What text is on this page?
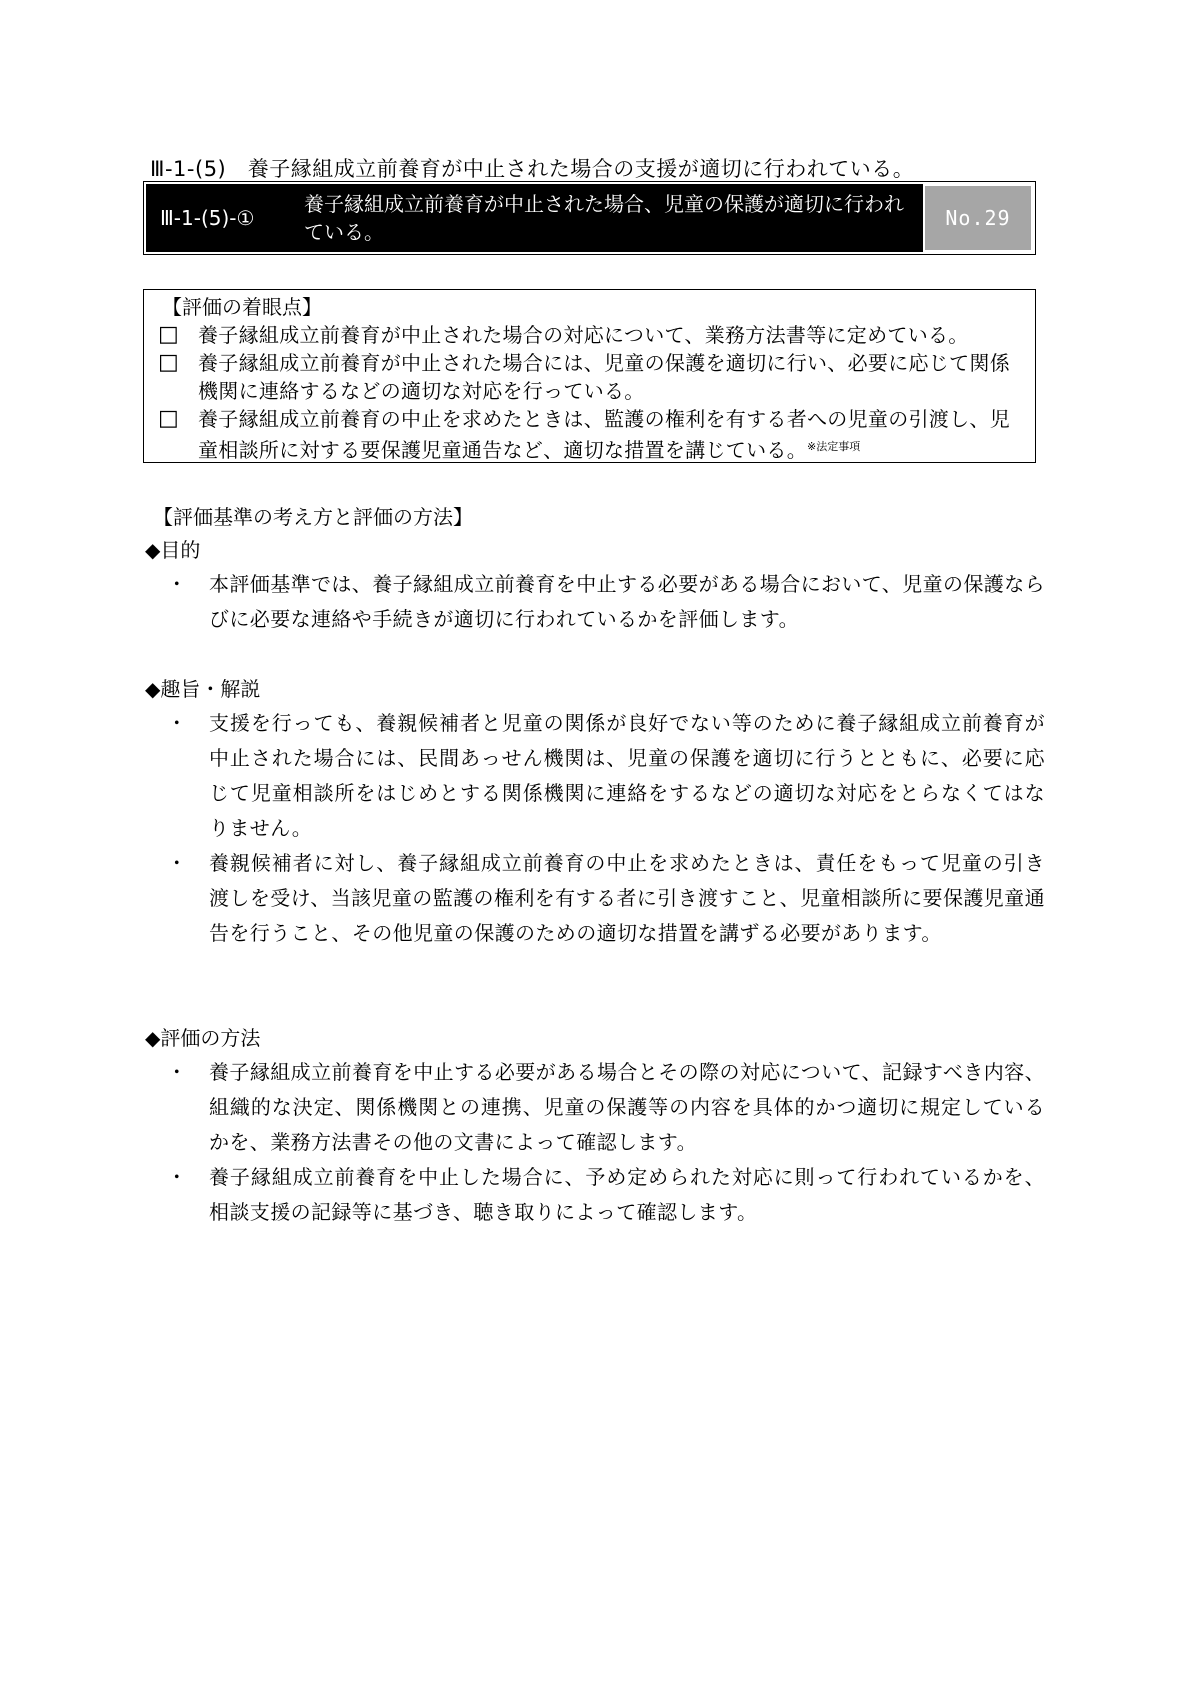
Ⅲ-1-(5)　養子縁組成立前養育が中止された場合の支援が適切に行われている。
Ⅲ-1-(5)-①
養子縁組成立前養育が中止された場合、児童の保護が適切に行われている。
No.29
【評価の着眼点】
□ 養子縁組成立前養育が中止された場合の対応について、業務方法書等に定めている。
□ 養子縁組成立前養育が中止された場合には、児童の保護を適切に行い、必要に応じて関係機関に連絡するなどの適切な対応を行っている。
□ 養子縁組成立前養育の中止を求めたときは、監護の権利を有する者への児童の引渡し、児童相談所に対する要保護児童通告など、適切な措置を講じている。$^{※法定事項}$
【評価基準の考え方と評価の方法】
◆目的
・	本評価基準では、養子縁組成立前養育を中止する必要がある場合において、児童の保護ならびに必要な連絡や手続きが適切に行われているかを評価します。
◆趣旨・解説
・	支援を行っても、養親候補者と児童の関係が良好でない等のために養子縁組成立前養育が中止された場合には、民間あっせん機関は、児童の保護を適切に行うとともに、必要に応じて児童相談所をはじめとする関係機関に連絡をするなどの適切な対応をとらなくてはなりません。
・	養親候補者に対し、養子縁組成立前養育の中止を求めたときは、責任をもって児童の引き渡しを受け、当該児童の監護の権利を有する者に引き渡すこと、児童相談所に要保護児童通告を行うこと、その他児童の保護のための適切な措置を講ずる必要があります。
◆評価の方法
・	養子縁組成立前養育を中止する必要がある場合とその際の対応について、記録すべき内容、組織的な決定、関係機関との連携、児童の保護等の内容を具体的かつ適切に規定しているかを、業務方法書その他の文書によって確認します。
・	養子縁組成立前養育を中止した場合に、予め定められた対応に則って行われているかを、相談支援の記録等に基づき、聴き取りによって確認します。
